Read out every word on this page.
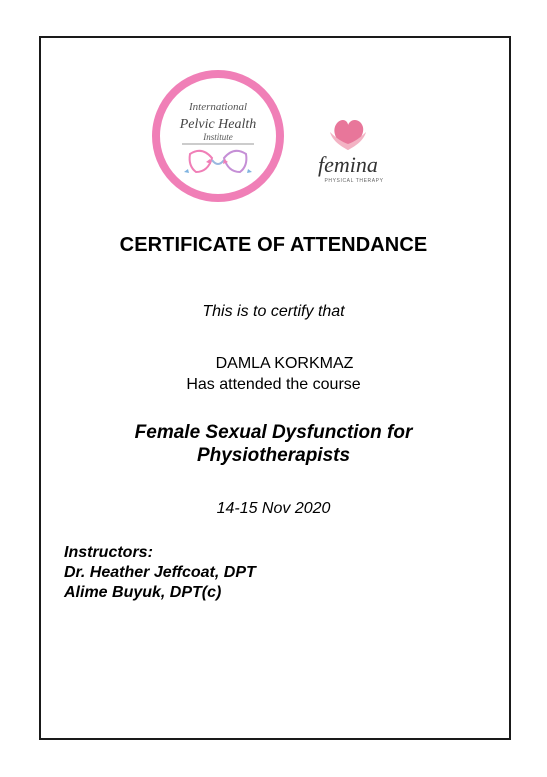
International
Pelvic Health
Institute
femina
PHYSICAL THERAPY
CERTIFICATE OF ATTENDANCE
This is to certify that
DAMLA KORKMAZ
Has attended the course
Female Sexual Dysfunction for
Physiotherapists
14-15 Nov 2020
Instructors:
Dr. Heather Jeffcoat, DPT
Alime Buyuk, DPT(c)
